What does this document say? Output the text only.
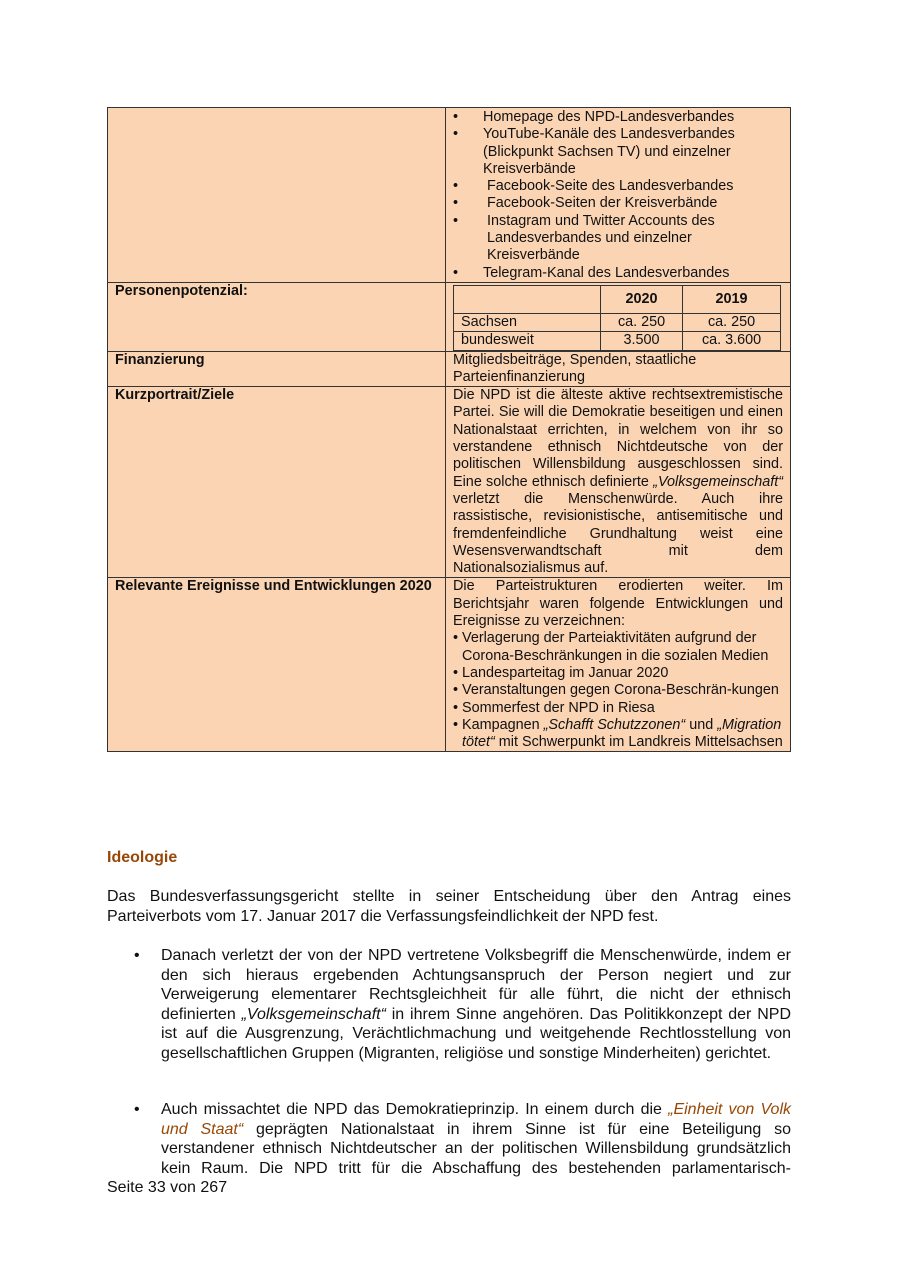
• Homepage des NPD-Landesverbandes
• YouTube-Kanäle des Landesverbandes (Blickpunkt Sachsen TV) und einzelner Kreisverbände
• Facebook-Seite des Landesverbandes
• Facebook-Seiten der Kreisverbände
• Instagram und Twitter Accounts des Landesverbandes und einzelner Kreisverbände
• Telegram-Kanal des Landesverbandes

Personenpotenzial:	
		2020	2019
Sachsen	ca. 250	ca. 250
bundesweit	3.500	ca. 3.600

Finanzierung	Mitgliedsbeiträge, Spenden, staatliche Parteienfinanzierung
Kurzportrait/Ziele	Die NPD ist die älteste aktive rechtsextremistische Partei. Sie will die Demokratie beseitigen und einen Nationalstaat errichten, in welchem von ihr so verstandene ethnisch Nichtdeutsche von der politischen Willensbildung ausgeschlossen sind. Eine solche ethnisch definierte „Volksgemeinschaft“ verletzt die Menschenwürde. Auch ihre rassistische, revisionistische, antisemitische und fremdenfeindliche Grundhaltung weist eine Wesensverwandtschaft mit dem Nationalsozialismus auf.
Relevante Ereignisse und Entwicklungen 2020	Die Parteistrukturen erodierten weiter. Im Berichtsjahr waren folgende Entwicklungen und Ereignisse zu verzeichnen:
• Verlagerung der Parteiaktivitäten aufgrund der Corona-Beschränkungen in die sozialen Medien
• Landesparteitag im Januar 2020
• Veranstaltungen gegen Corona-Beschrän-kungen
• Sommerfest der NPD in Riesa
• Kampagnen „Schafft Schutzzonen“ und „Migration tötet“ mit Schwerpunkt im Landkreis Mittelsachsen
Ideologie

Das Bundesverfassungsgericht stellte in seiner Entscheidung über den Antrag eines Parteiverbots vom 17. Januar 2017 die Verfassungsfeindlichkeit der NPD fest.

• Danach verletzt der von der NPD vertretene Volksbegriff die Menschenwürde, indem er den sich hieraus ergebenden Achtungsanspruch der Person negiert und zur Verweigerung elementarer Rechtsgleichheit für alle führt, die nicht der ethnisch definierten „Volksgemeinschaft“ in ihrem Sinne angehören. Das Politikkonzept der NPD ist auf die Ausgrenzung, Verächtlichmachung und weitgehende Rechtlosstellung von gesellschaftlichen Gruppen (Migranten, religiöse und sonstige Minderheiten) gerichtet.
• Auch missachtet die NPD das Demokratieprinzip. In einem durch die „Einheit von Volk und Staat“ geprägten Nationalstaat in ihrem Sinne ist für eine Beteiligung so verstandener ethnisch Nichtdeutscher an der politischen Willensbildung grundsätzlich kein Raum. Die NPD tritt für die Abschaffung des bestehenden parlamentarisch-
Seite 33 von 267
